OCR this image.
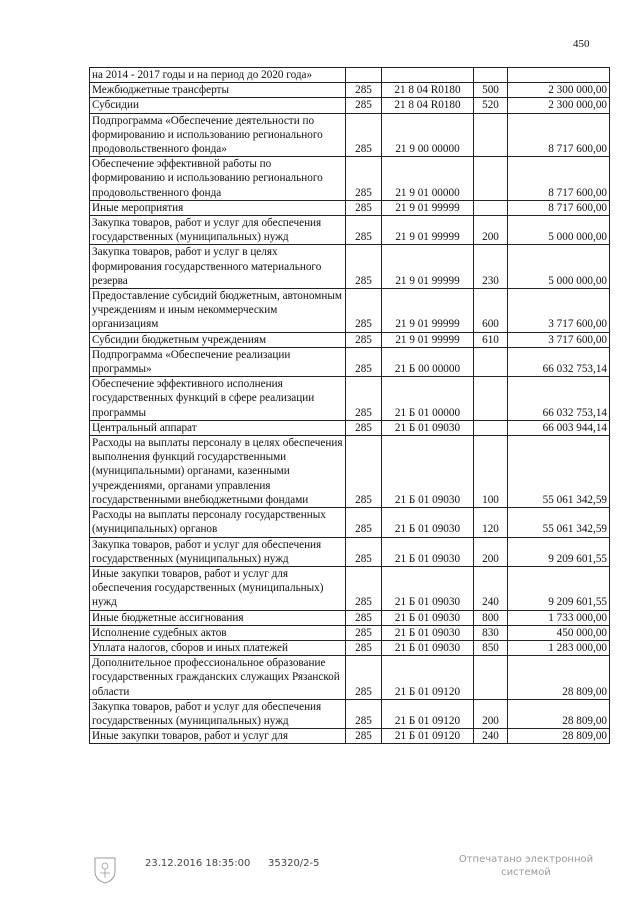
450
на 2014 - 2017 годы и на период до 2020 года»				
Межбюджетные трансферты	285	21 8 04 R0180	500	2 300 000,00
Субсидии	285	21 8 04 R0180	520	2 300 000,00
Подпрограмма «Обеспечение деятельности по формированию и использованию регионального продовольственного фонда»	285	21 9 00 00000		8 717 600,00
Обеспечение эффективной работы по формированию и использованию регионального продовольственного фонда	285	21 9 01 00000		8 717 600,00
Иные мероприятия	285	21 9 01 99999		8 717 600,00
Закупка товаров, работ и услуг для обеспечения государственных (муниципальных) нужд	285	21 9 01 99999	200	5 000 000,00
Закупка товаров, работ и услуг в целях формирования государственного материального резерва	285	21 9 01 99999	230	5 000 000,00
Предоставление субсидий бюджетным, автономным учреждениям и иным некоммерческим организациям	285	21 9 01 99999	600	3 717 600,00
Субсидии бюджетным учреждениям	285	21 9 01 99999	610	3 717 600,00
Подпрограмма «Обеспечение реализации программы»	285	21 Б 00 00000		66 032 753,14
Обеспечение эффективного исполнения государственных функций в сфере реализации программы	285	21 Б 01 00000		66 032 753,14
Центральный аппарат	285	21 Б 01 09030		66 003 944,14
Расходы на выплаты персоналу в целях обеспечения выполнения функций государственными (муниципальными) органами, казенными учреждениями, органами управления государственными внебюджетными фондами	285	21 Б 01 09030	100	55 061 342,59
Расходы на выплаты персоналу государственных (муниципальных) органов	285	21 Б 01 09030	120	55 061 342,59
Закупка товаров, работ и услуг для обеспечения государственных (муниципальных) нужд	285	21 Б 01 09030	200	9 209 601,55
Иные закупки товаров, работ и услуг для обеспечения государственных (муниципальных) нужд	285	21 Б 01 09030	240	9 209 601,55
Иные бюджетные ассигнования	285	21 Б 01 09030	800	1 733 000,00
Исполнение судебных актов	285	21 Б 01 09030	830	450 000,00
Уплата налогов, сборов и иных платежей	285	21 Б 01 09030	850	1 283 000,00
Дополнительное профессиональное образование государственных гражданских служащих Рязанской области	285	21 Б 01 09120		28 809,00
Закупка товаров, работ и услуг для обеспечения государственных (муниципальных) нужд	285	21 Б 01 09120	200	28 809,00
Иные закупки товаров, работ и услуг для	285	21 Б 01 09120	240	28 809,00
23.12.2016 18:35:00 35320/2-5	Отпечатано электронной
системой
